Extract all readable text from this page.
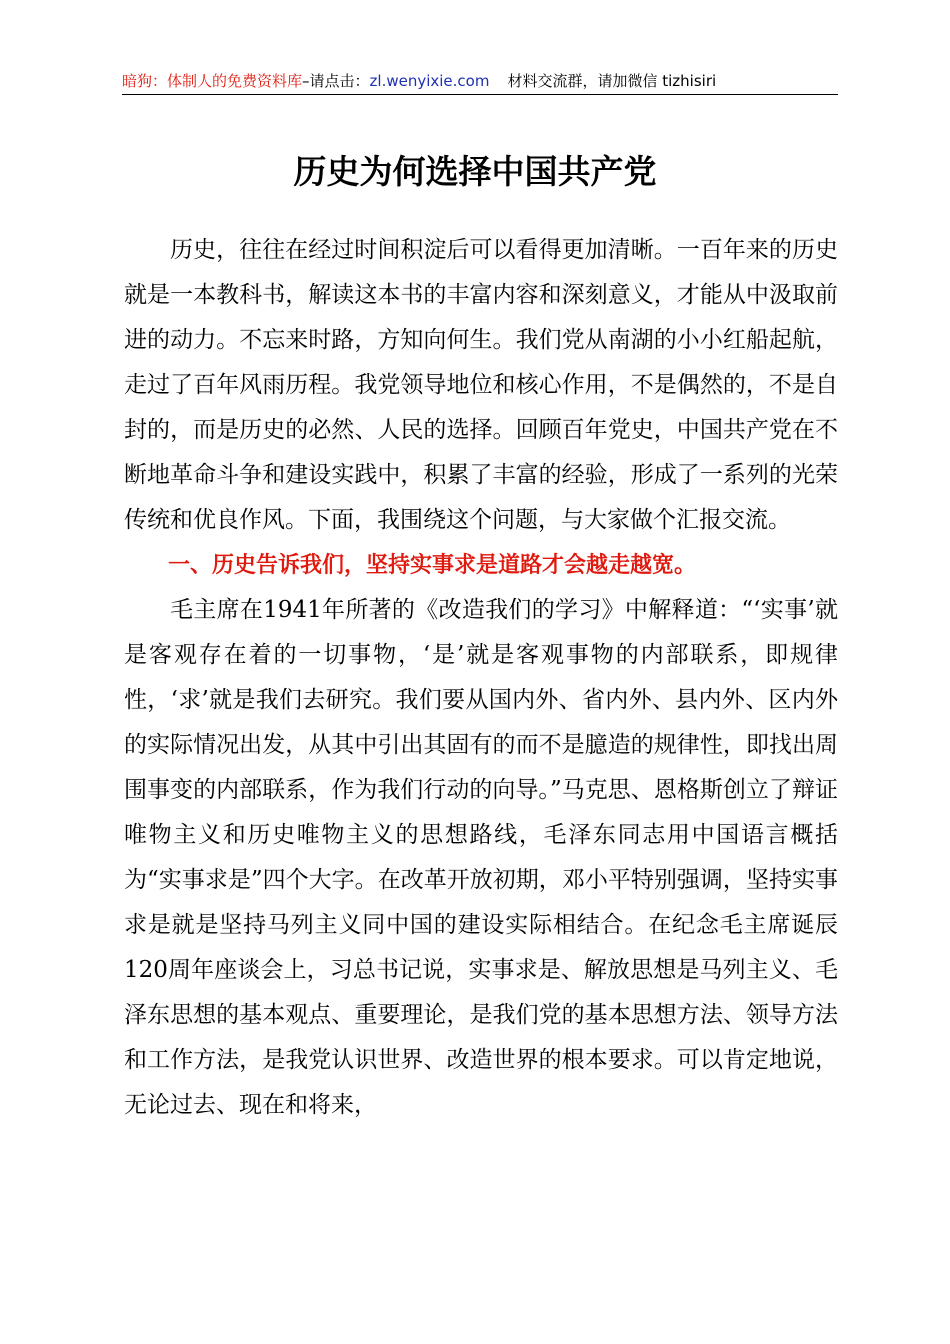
暗狗：体制人的免费资料库–请点击：zl.wenyixie.com 材料交流群，请加微信 tizhisiri
历史为何选择中国共产党

历史，往往在经过时间积淀后可以看得更加清晰。一百年来的历史就是一本教科书，解读这本书的丰富内容和深刻意义，才能从中汲取前进的动力。不忘来时路，方知向何生。我们党从南湖的小小红船起航，走过了百年风雨历程。我党领导地位和核心作用，不是偶然的，不是自封的，而是历史的必然、人民的选择。回顾百年党史，中国共产党在不断地革命斗争和建设实践中，积累了丰富的经验，形成了一系列的光荣传统和优良作风。下面，我围绕这个问题，与大家做个汇报交流。

一、历史告诉我们，坚持实事求是道路才会越走越宽。

毛主席在1941年所著的《改造我们的学习》中解释道：“‘实事’就是客观存在着的一切事物，‘是’就是客观事物的内部联系，即规律性，‘求’就是我们去研究。我们要从国内外、省内外、县内外、区内外的实际情况出发，从其中引出其固有的而不是臆造的规律性，即找出周围事变的内部联系，作为我们行动的向导。”马克思、恩格斯创立了辩证唯物主义和历史唯物主义的思想路线，毛泽东同志用中国语言概括为“实事求是”四个大字。在改革开放初期，邓小平特别强调，坚持实事求是就是坚持马列主义同中国的建设实际相结合。在纪念毛主席诞辰120周年座谈会上，习总书记说，实事求是、解放思想是马列主义、毛泽东思想的基本观点、重要理论，是我们党的基本思想方法、领导方法和工作方法，是我党认识世界、改造世界的根本要求。可以肯定地说，无论过去、现在和将来，
